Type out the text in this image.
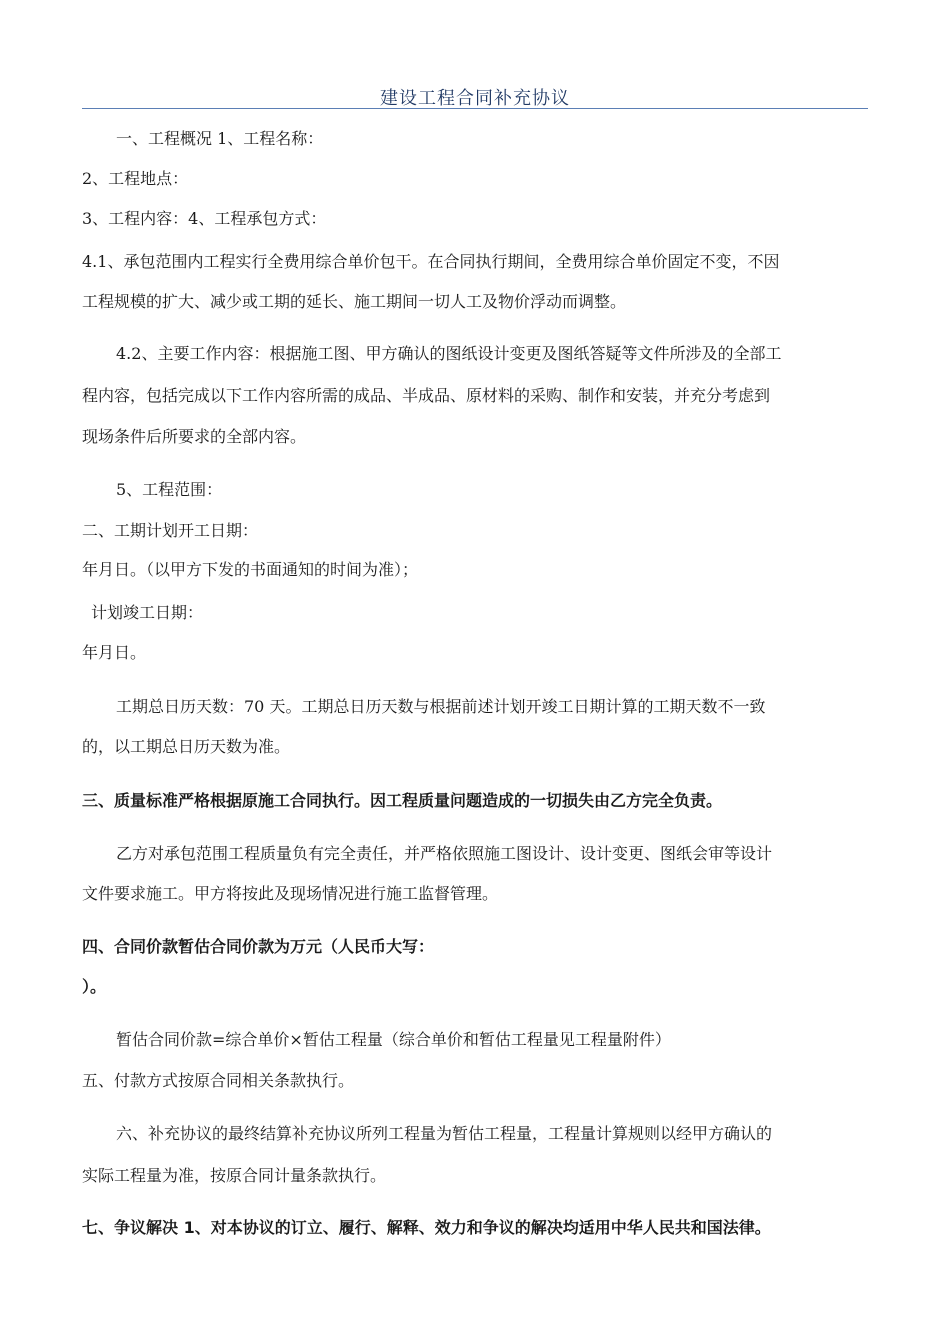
建设工程合同补充协议
一、工程概况 1、工程名称：
2、工程地点：
3、工程内容：4、工程承包方式：
4.1、承包范围内工程实行全费用综合单价包干。在合同执行期间，全费用综合单价固定不变，不因
工程规模的扩大、减少或工期的延长、施工期间一切人工及物价浮动而调整。
4.2、主要工作内容：根据施工图、甲方确认的图纸设计变更及图纸答疑等文件所涉及的全部工
程内容，包括完成以下工作内容所需的成品、半成品、原材料的采购、制作和安装，并充分考虑到
现场条件后所要求的全部内容。
5、工程范围：
二、工期计划开工日期：
年月日。（以甲方下发的书面通知的时间为准）；
计划竣工日期：
年月日。
工期总日历天数：70 天。工期总日历天数与根据前述计划开竣工日期计算的工期天数不一致
的，以工期总日历天数为准。
三、质量标准严格根据原施工合同执行。因工程质量问题造成的一切损失由乙方完全负责。
乙方对承包范围工程质量负有完全责任，并严格依照施工图设计、设计变更、图纸会审等设计
文件要求施工。甲方将按此及现场情况进行施工监督管理。
四、合同价款暂估合同价款为万元（人民币大写：
）。
暂估合同价款=综合单价×暂估工程量（综合单价和暂估工程量见工程量附件）
五、付款方式按原合同相关条款执行。
六、补充协议的最终结算补充协议所列工程量为暂估工程量，工程量计算规则以经甲方确认的
实际工程量为准，按原合同计量条款执行。
七、争议解决 1、对本协议的订立、履行、解释、效力和争议的解决均适用中华人民共和国法律。
